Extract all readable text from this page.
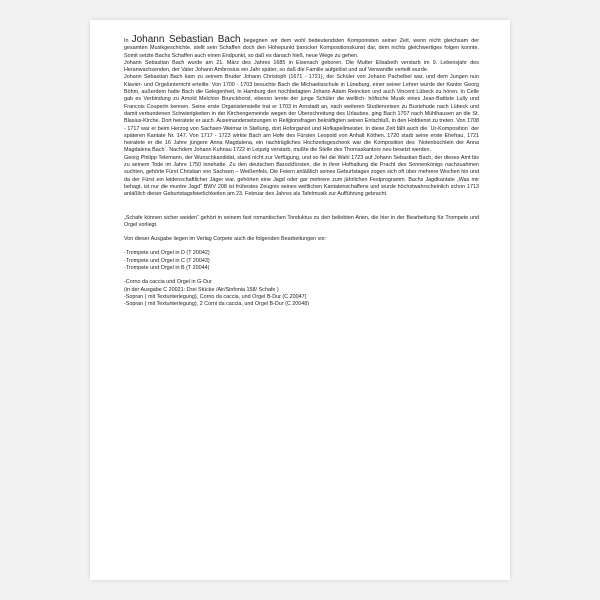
In Johann Sebastian Bach begegnen wir dem wohl bedeutendsten Komponisten seiner Zeit, wenn nicht gleichsam der gesamten Musikgeschichte, stellt sein Schaffen doch den Höhepunkt barocker Kompositionskunst dar, dem nichts gleichwertiges folgen konnte. Somit setzte Bachs Schaffen auch einen Endpunkt, so daß es danach hieß, neue Wege zu gehen.

Johann Sebastian Bach wurde am 21. März des Jahres 1685 in Eisenach geboren. Die Mutter Elisabeth verstarb im 9. Lebensjahr des Heranwachsenden, der Vater Johann Ambrosius ein Jahr später, so daß die Familie aufgelöst und auf Verwandte verteilt wurde.

Johann Sebastian Bach kam zu seinem Bruder Johann Christoph (1671 - 1721), der Schüler von Johann Pachelbel war, und dem Jungen nun Klavier- und Orgelunterricht erteilte. Von 1700 - 1703 besuchte Bach die Michaelisschule in Lüneburg, einer seiner Lehrer wurde der Kantor Georg Böhm, außerdem hatte Bach die Gelegenheit, in Hamburg den hochbetagten Johann Adam Reincken und auch Vincent Lübeck zu hören. In Celle gab es Verbindung zu Arnold Melchior Brunckhorst, ebenso lernte der junge Schüler die weltlich- höfische Musik eines Jean-Battiste Lully und Francois Couperin kennen. Seine erste Organistenstelle trat er 1703 in Arnstadt an, nach weiteren Studienreisen zu Buxtehude nach Lübeck und damit verbundenen Schwierigkeiten in der Kirchengemeinde wegen der Überschreitung des Urlaubes, ging Bach 1707 nach Mühlhausen an die St. Blasius-Kirche. Dort heiratete er auch. Auseinandersetzungen in Religionsfragen bekräftigten seinen Entschluß, in den Hofdienst zu treten. Von 1708 - 1717 war er beim Herzog von Sachsen-Weimar in Stellung, dort Hoforganist und Hofkapellmeister. In diese Zeit fällt auch die `Ur-Komposition´ der späteren Kantate Nr. 147. Von 1717 - 1723 wirkte Bach am Hofe des Fürsten Leopold von Anhalt Köthen. 1720 starb seine erste Ehefrau, 1721 heiratete er die 16 Jahre jüngere Anna Magdalena, ein nachträgliches Hochzeitsgeschenk war die Komposition des `Notenbüchlein der Anna Magdalena Bach´. Nachdem Johann Kuhnau 1722 in Leipzig verstarb, mußte die Stelle des Thomaskantors neu besetzt werden.

Georg Philipp Telemann, der Wunschkandidat, stand nicht zur Verfügung, und so fiel die Wahl 1723 auf Johann Sebastian Bach, der dieses Amt bis zu seinem Tode im Jahre 1750 innehatte. Zu den deutschen Barockfürsten, die in ihrer Hofhaltung die Pracht des Sonnenkönigs nachzuahmen suchten, gehörte Fürst Christian von Sachsen – Weißenfels. Die Feiern anläßlich seines Geburtstages zogen sich oft über mehrere Wochen hin und da der Fürst ein leidenschaftlicher Jäger war, gehörten eine Jagd oder gar mehrere zum jährlichen Festprogramm. Bachs Jagdkantate „Was mir behagt, ist nur die muntre Jagd“ BWV 208 ist frühestes Zeugnis seines weltlichen Kantatenschaffens und wurde höchstwahrscheinlich schon 1713 anläßlich dieser Geburtstagsfeierlichkeiten am 23. Februar des Jahres als Tafelmusik zur Aufführung gebracht.

„Schafe können sicher weiden“ gehört in seinem fast romantischen Tonduktus zu den beliebten Arien, die hier in der Bearbeitung für Trompete und Orgel vorliegt.

Von dieser Ausgabe liegen im Verlag Corpete auch die folgenden Bearbeitungen vor:

-Trompete und Orgel in D (T 20042)

-Trompete und Orgel in C (T 20043)

-Trompete und Orgel in B (T 20044)

-Corno da caccia und Orgel in G-Dur

(in der Ausgabe C 20021: Drei Stücke /Air/Sinfonia 158/ Schafe )

-Sopran ( mit Textunterlegung), Corno da caccia, und Orgel B-Dur (C 20047)

-Sopran ( mit Textunterlegung), 2 Corni da caccia, und Orgel B-Dur (C 20048)
